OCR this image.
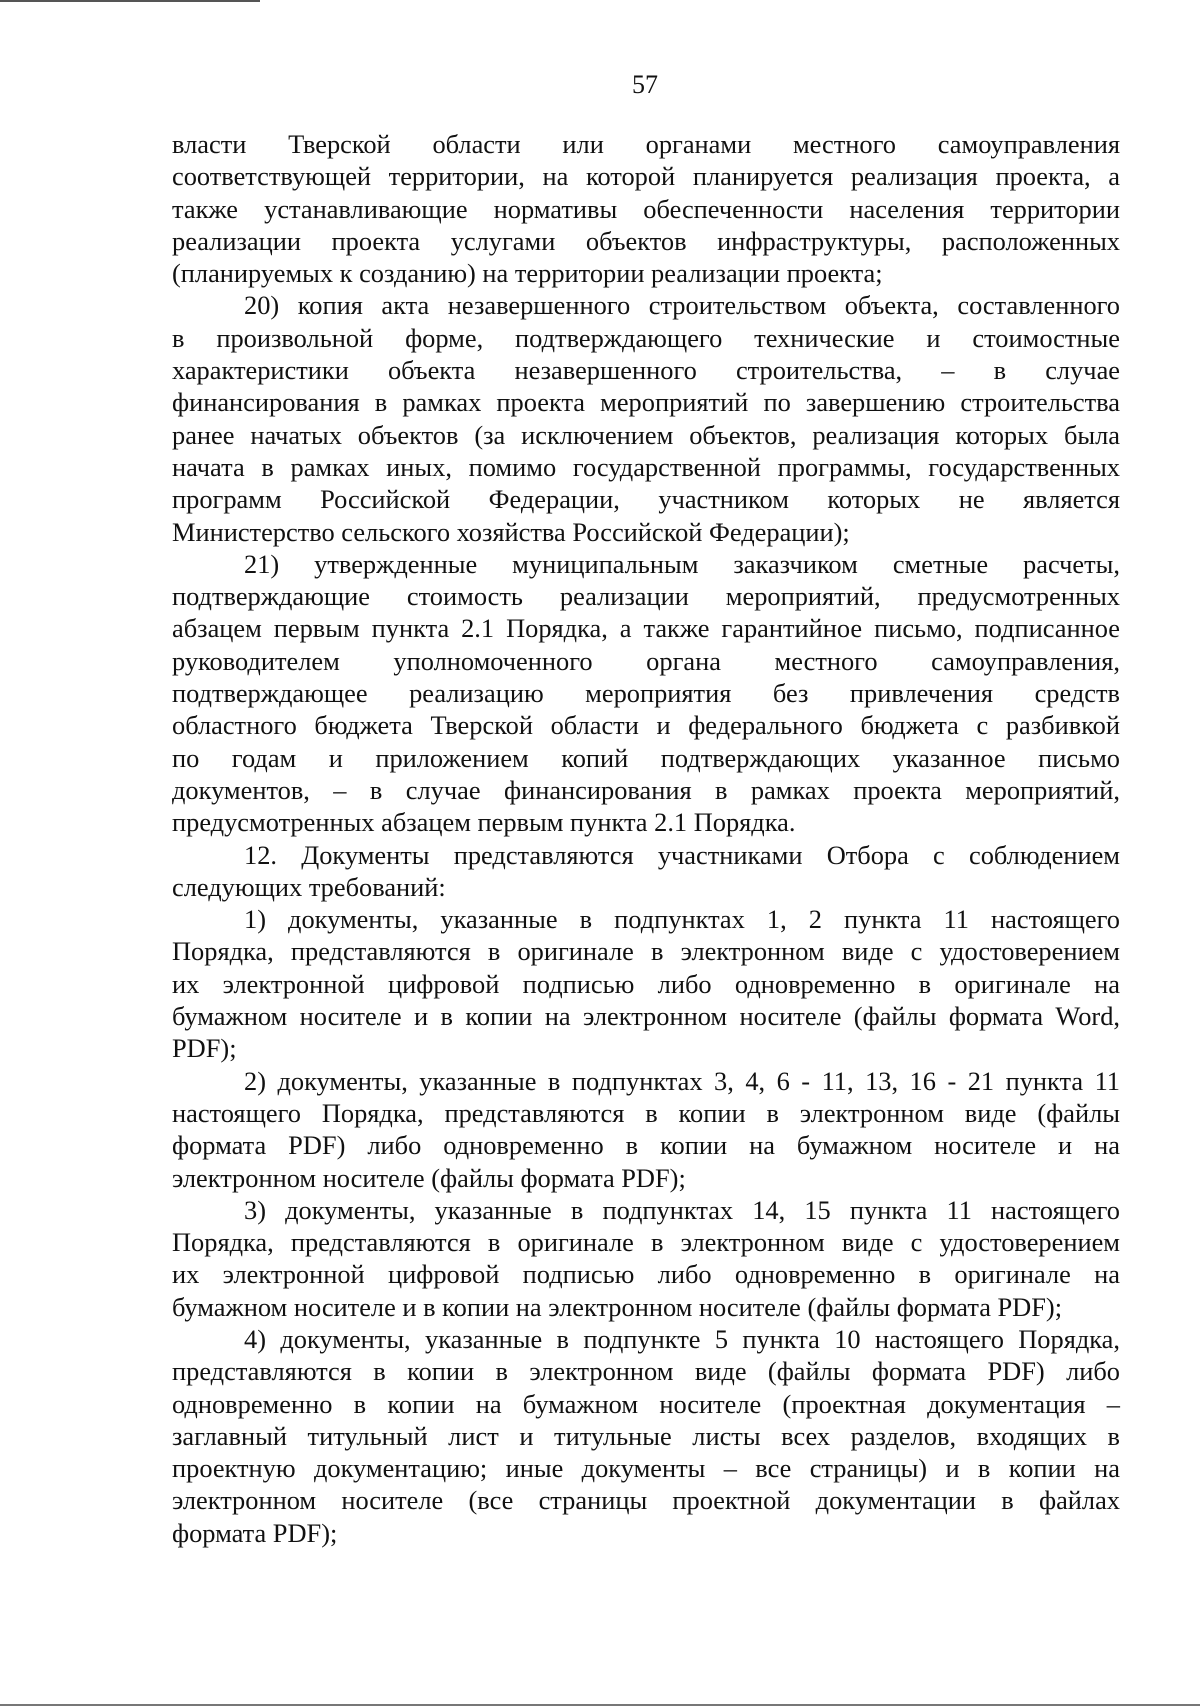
57
власти Тверской области или органами местного самоуправления
соответствующей территории, на которой планируется реализация проекта, а
также устанавливающие нормативы обеспеченности населения территории
реализации проекта услугами объектов инфраструктуры, расположенных
(планируемых к созданию) на территории реализации проекта;
20) копия акта незавершенного строительством объекта, составленного
в произвольной форме, подтверждающего технические и стоимостные
характеристики объекта незавершенного строительства, – в случае
финансирования в рамках проекта мероприятий по завершению строительства
ранее начатых объектов (за исключением объектов, реализация которых была
начата в рамках иных, помимо государственной программы, государственных
программ Российской Федерации, участником которых не является
Министерство сельского хозяйства Российской Федерации);
21) утвержденные муниципальным заказчиком сметные расчеты,
подтверждающие стоимость реализации мероприятий, предусмотренных
абзацем первым пункта 2.1 Порядка, а также гарантийное письмо, подписанное
руководителем уполномоченного органа местного самоуправления,
подтверждающее реализацию мероприятия без привлечения средств
областного бюджета Тверской области и федерального бюджета с разбивкой
по годам и приложением копий подтверждающих указанное письмо
документов, – в случае финансирования в рамках проекта мероприятий,
предусмотренных абзацем первым пункта 2.1 Порядка.
12. Документы представляются участниками Отбора с соблюдением
следующих требований:
1) документы, указанные в подпунктах 1, 2 пункта 11 настоящего
Порядка, представляются в оригинале в электронном виде с удостоверением
их электронной цифровой подписью либо одновременно в оригинале на
бумажном носителе и в копии на электронном носителе (файлы формата Word,
PDF);
2) документы, указанные в подпунктах 3, 4, 6 - 11, 13, 16 - 21 пункта 11
настоящего Порядка, представляются в копии в электронном виде (файлы
формата PDF) либо одновременно в копии на бумажном носителе и на
электронном носителе (файлы формата PDF);
3) документы, указанные в подпунктах 14, 15 пункта 11 настоящего
Порядка, представляются в оригинале в электронном виде с удостоверением
их электронной цифровой подписью либо одновременно в оригинале на
бумажном носителе и в копии на электронном носителе (файлы формата PDF);
4) документы, указанные в подпункте 5 пункта 10 настоящего Порядка,
представляются в копии в электронном виде (файлы формата PDF) либо
одновременно в копии на бумажном носителе (проектная документация –
заглавный титульный лист и титульные листы всех разделов, входящих в
проектную документацию; иные документы – все страницы) и в копии на
электронном носителе (все страницы проектной документации в файлах
формата PDF);
